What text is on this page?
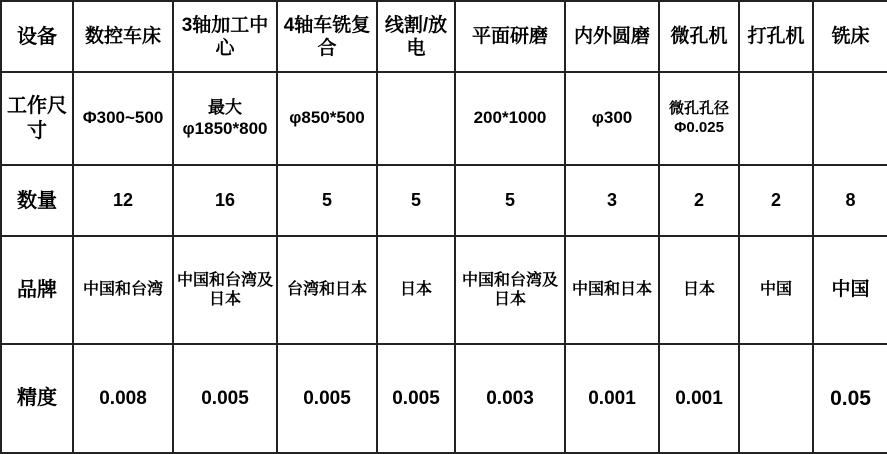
设备	数控车床	3轴加工中心	4轴车铣复合	线割/放电	平面研磨	内外圆磨	微孔机	打孔机	铣床
工作尺寸	Φ300~500	最大φ1850*800	φ850*500		200*1000	φ300	微孔孔径Φ0.025		
数量	12	16	5	5	5	3	2	2	8
品牌	中国和台湾	中国和台湾及日本	台湾和日本	日本	中国和台湾及日本	中国和日本	日本	中国	中国
精度	0.008	0.005	0.005	0.005	0.003	0.001	0.001		0.05
